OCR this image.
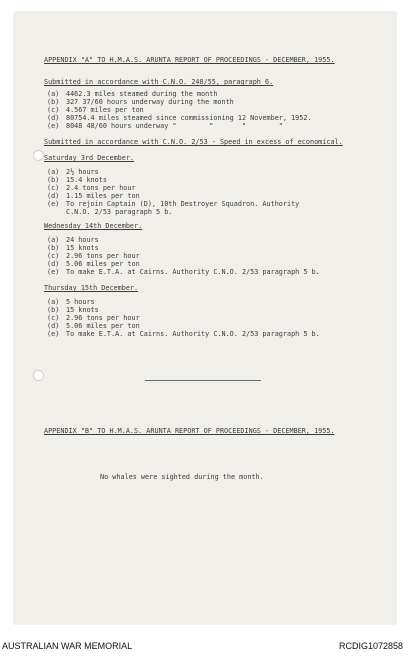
APPENDIX "A" TO H.M.A.S. ARUNTA REPORT OF PROCEEDINGS - DECEMBER, 1955.
Submitted in accordance with C.N.O. 248/55, paragraph 6.
(a) 4462.3 miles steamed during the month
(b) 327 37/60 hours underway during the month
(c) 4.567 miles per ton
(d) 80754.4 miles steamed since commissioning 12 November, 1952.
(e) 8048 48/60 hours underway "        "       "        "
Submitted in accordance with C.N.O. 2/53 - Speed in excess of economical.
Saturday 3rd December.
(a) 2½ hours
(b) 15.4 knots
(c) 2.4 tons per hour
(d) 1.15 miles per ton
(e) To rejoin Captain (D), 10th Destroyer Squadron. Authority
C.N.O. 2/53 paragraph 5 b.
Wednesday 14th December.
(a) 24 hours
(b) 15 knots
(c) 2.96 tons per hour
(d) 5.06 miles per ton
(e) To make E.T.A. at Cairns. Authority C.N.O. 2/53 paragraph 5 b.
Thursday 15th December.
(a) 5 hours
(b) 15 knots
(c) 2.96 tons per hour
(d) 5.06 miles per ton
(e) To make E.T.A. at Cairns. Authority C.N.O. 2/53 paragraph 5 b.
APPENDIX "B" TO H.M.A.S. ARUNTA REPORT OF PROCEEDINGS - DECEMBER, 1955.
No whales were sighted during the month.
AUSTRALIAN WAR MEMORIAL	RCDIG1072858
